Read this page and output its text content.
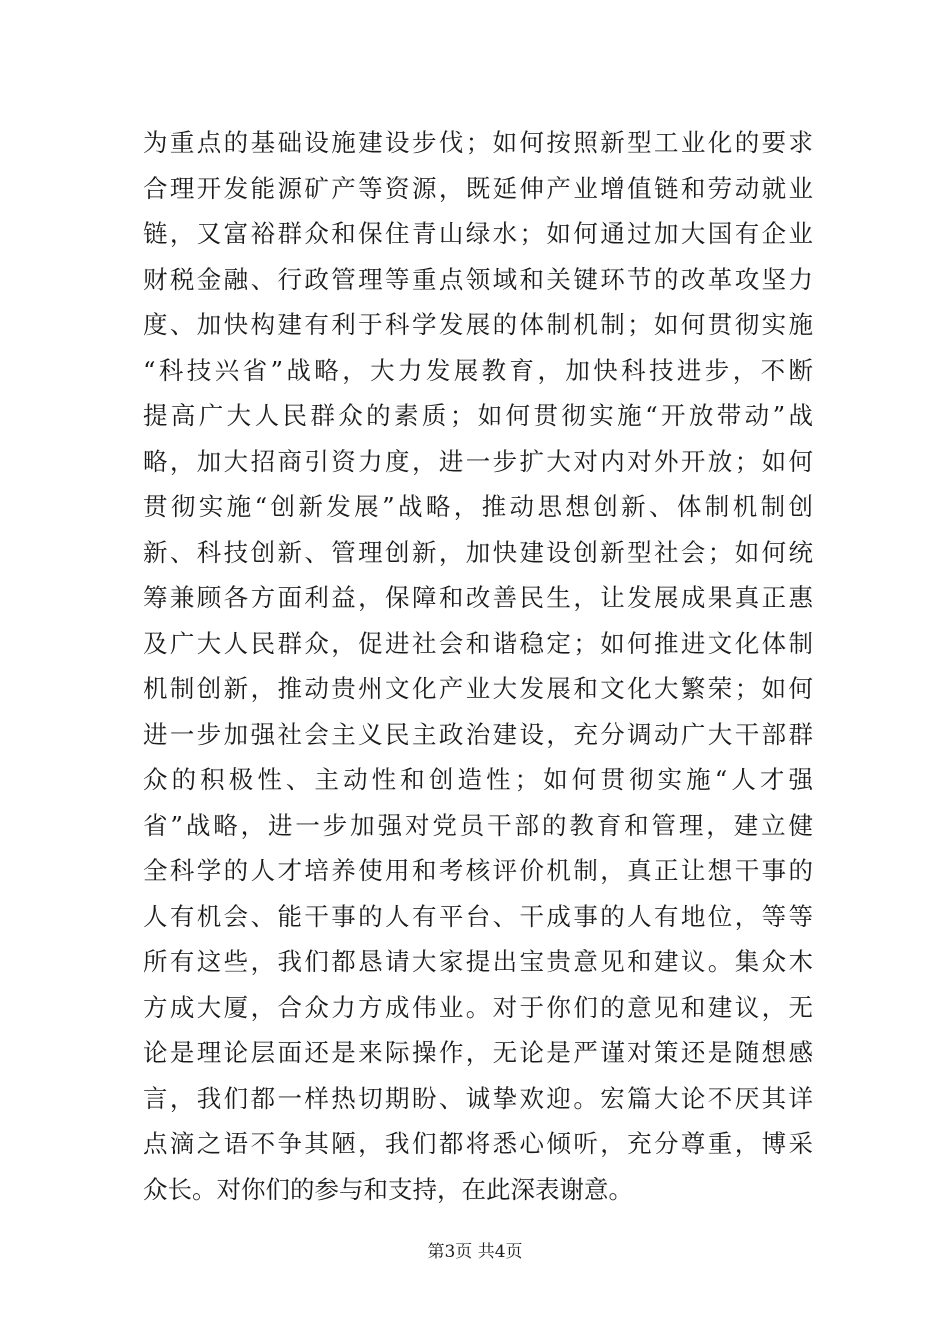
为重点的基础设施建设步伐；如何按照新型工业化的要求
合理开发能源矿产等资源，既延伸产业增值链和劳动就业
链，又富裕群众和保住青山绿水；如何通过加大国有企业
财税金融、行政管理等重点领域和关键环节的改革攻坚力
度、加快构建有利于科学发展的体制机制；如何贯彻实施
“科技兴省”战略，大力发展教育，加快科技进步，不断
提高广大人民群众的素质；如何贯彻实施“开放带动”战
略，加大招商引资力度，进一步扩大对内对外开放；如何
贯彻实施“创新发展”战略，推动思想创新、体制机制创
新、科技创新、管理创新，加快建设创新型社会；如何统
筹兼顾各方面利益，保障和改善民生，让发展成果真正惠
及广大人民群众，促进社会和谐稳定；如何推进文化体制
机制创新，推动贵州文化产业大发展和文化大繁荣；如何
进一步加强社会主义民主政治建设，充分调动广大干部群
众的积极性、主动性和创造性；如何贯彻实施“人才强
省”战略，进一步加强对党员干部的教育和管理，建立健
全科学的人才培养使用和考核评价机制，真正让想干事的
人有机会、能干事的人有平台、干成事的人有地位，等等
所有这些，我们都恳请大家提出宝贵意见和建议。集众木
方成大厦，合众力方成伟业。对于你们的意见和建议，无
论是理论层面还是来际操作，无论是严谨对策还是随想感
言，我们都一样热切期盼、诚挚欢迎。宏篇大论不厌其详
点滴之语不争其陋，我们都将悉心倾听，充分尊重，博采
众长。对你们的参与和支持，在此深表谢意。
第3页 共4页
